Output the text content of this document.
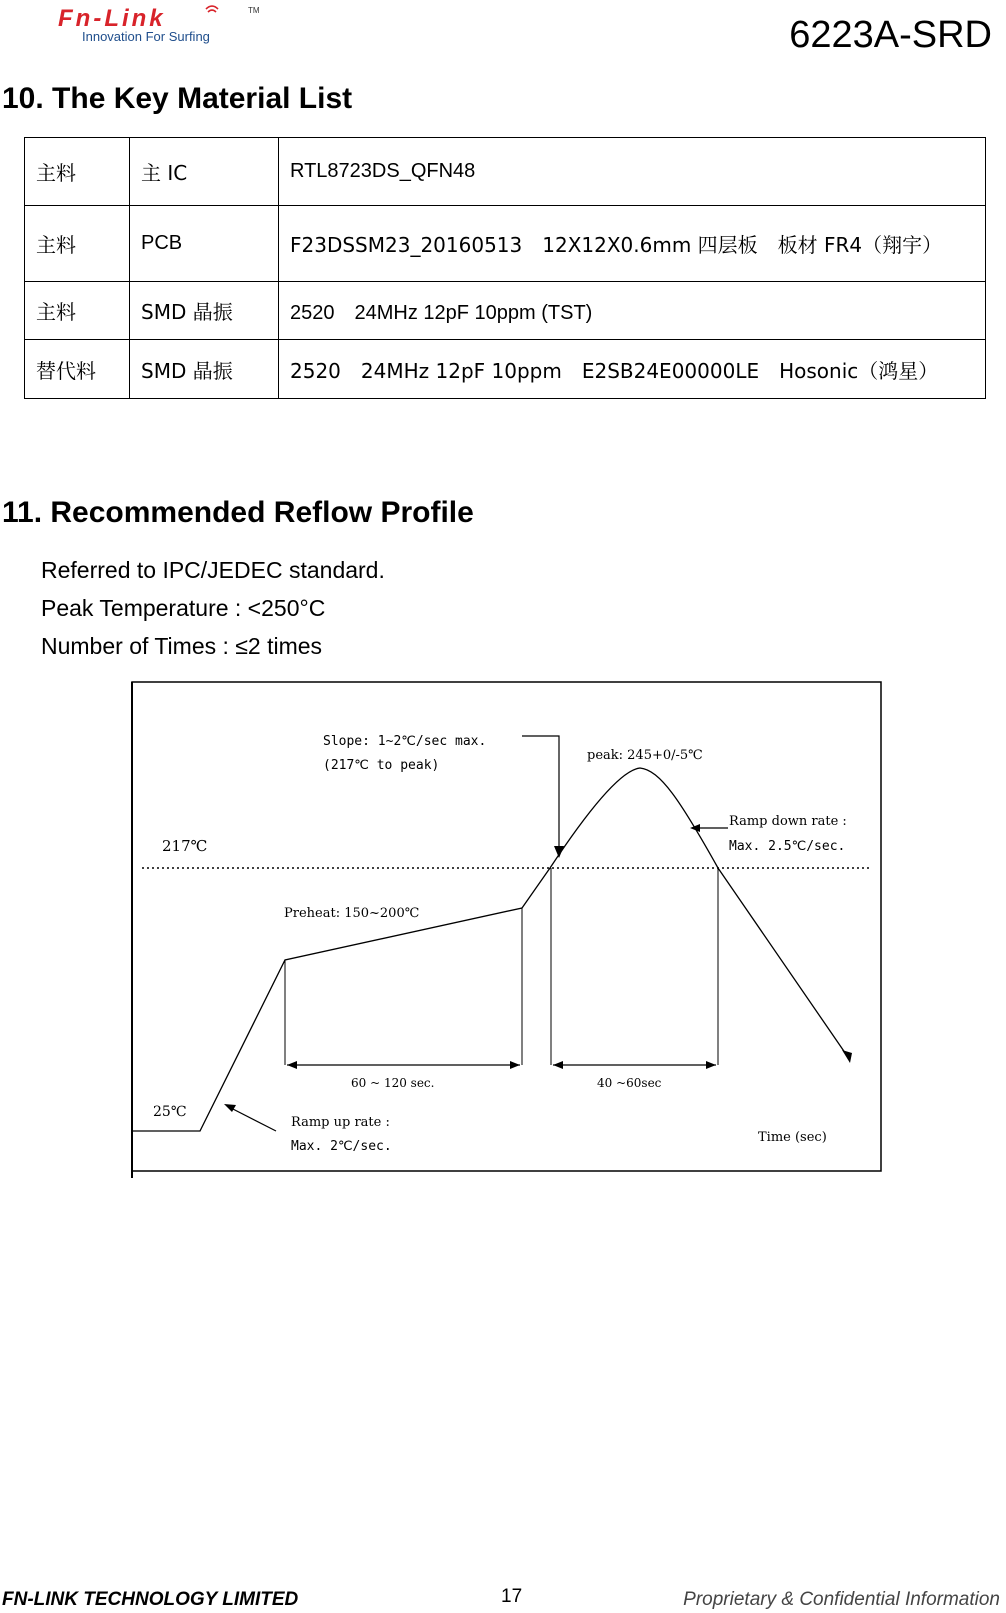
Fn-Link	TM
Innovation For Surfing	6223A-SRD
10. The Key Material List
主料	主 IC	RTL8723DS_QFN48
主料	PCB	F23DSSM23_20160513　12X12X0.6mm 四层板　板材 FR4（翔宇）
主料	SMD 晶振	2520　24MHz 12pF 10ppm (TST)
替代料	SMD 晶振	2520　24MHz 12pF 10ppm　E2SB24E00000LE　Hosonic（鸿星）
11. Recommended Reflow Profile
Referred to IPC/JEDEC standard.
Peak Temperature : <250°C
Number of Times : ≤2 times
217℃
25℃
Slope: 1~2℃/sec max.
(217℃ to peak)
peak: 245+0/-5℃
Ramp down rate :
Max. 2.5℃/sec.
Preheat: 150~200℃
60 ~ 120 sec.	40 ~60sec
Ramp up rate :
Max. 2℃/sec.
Time (sec)
FN-LINK TECHNOLOGY LIMITED	17	Proprietary & Confidential Information
